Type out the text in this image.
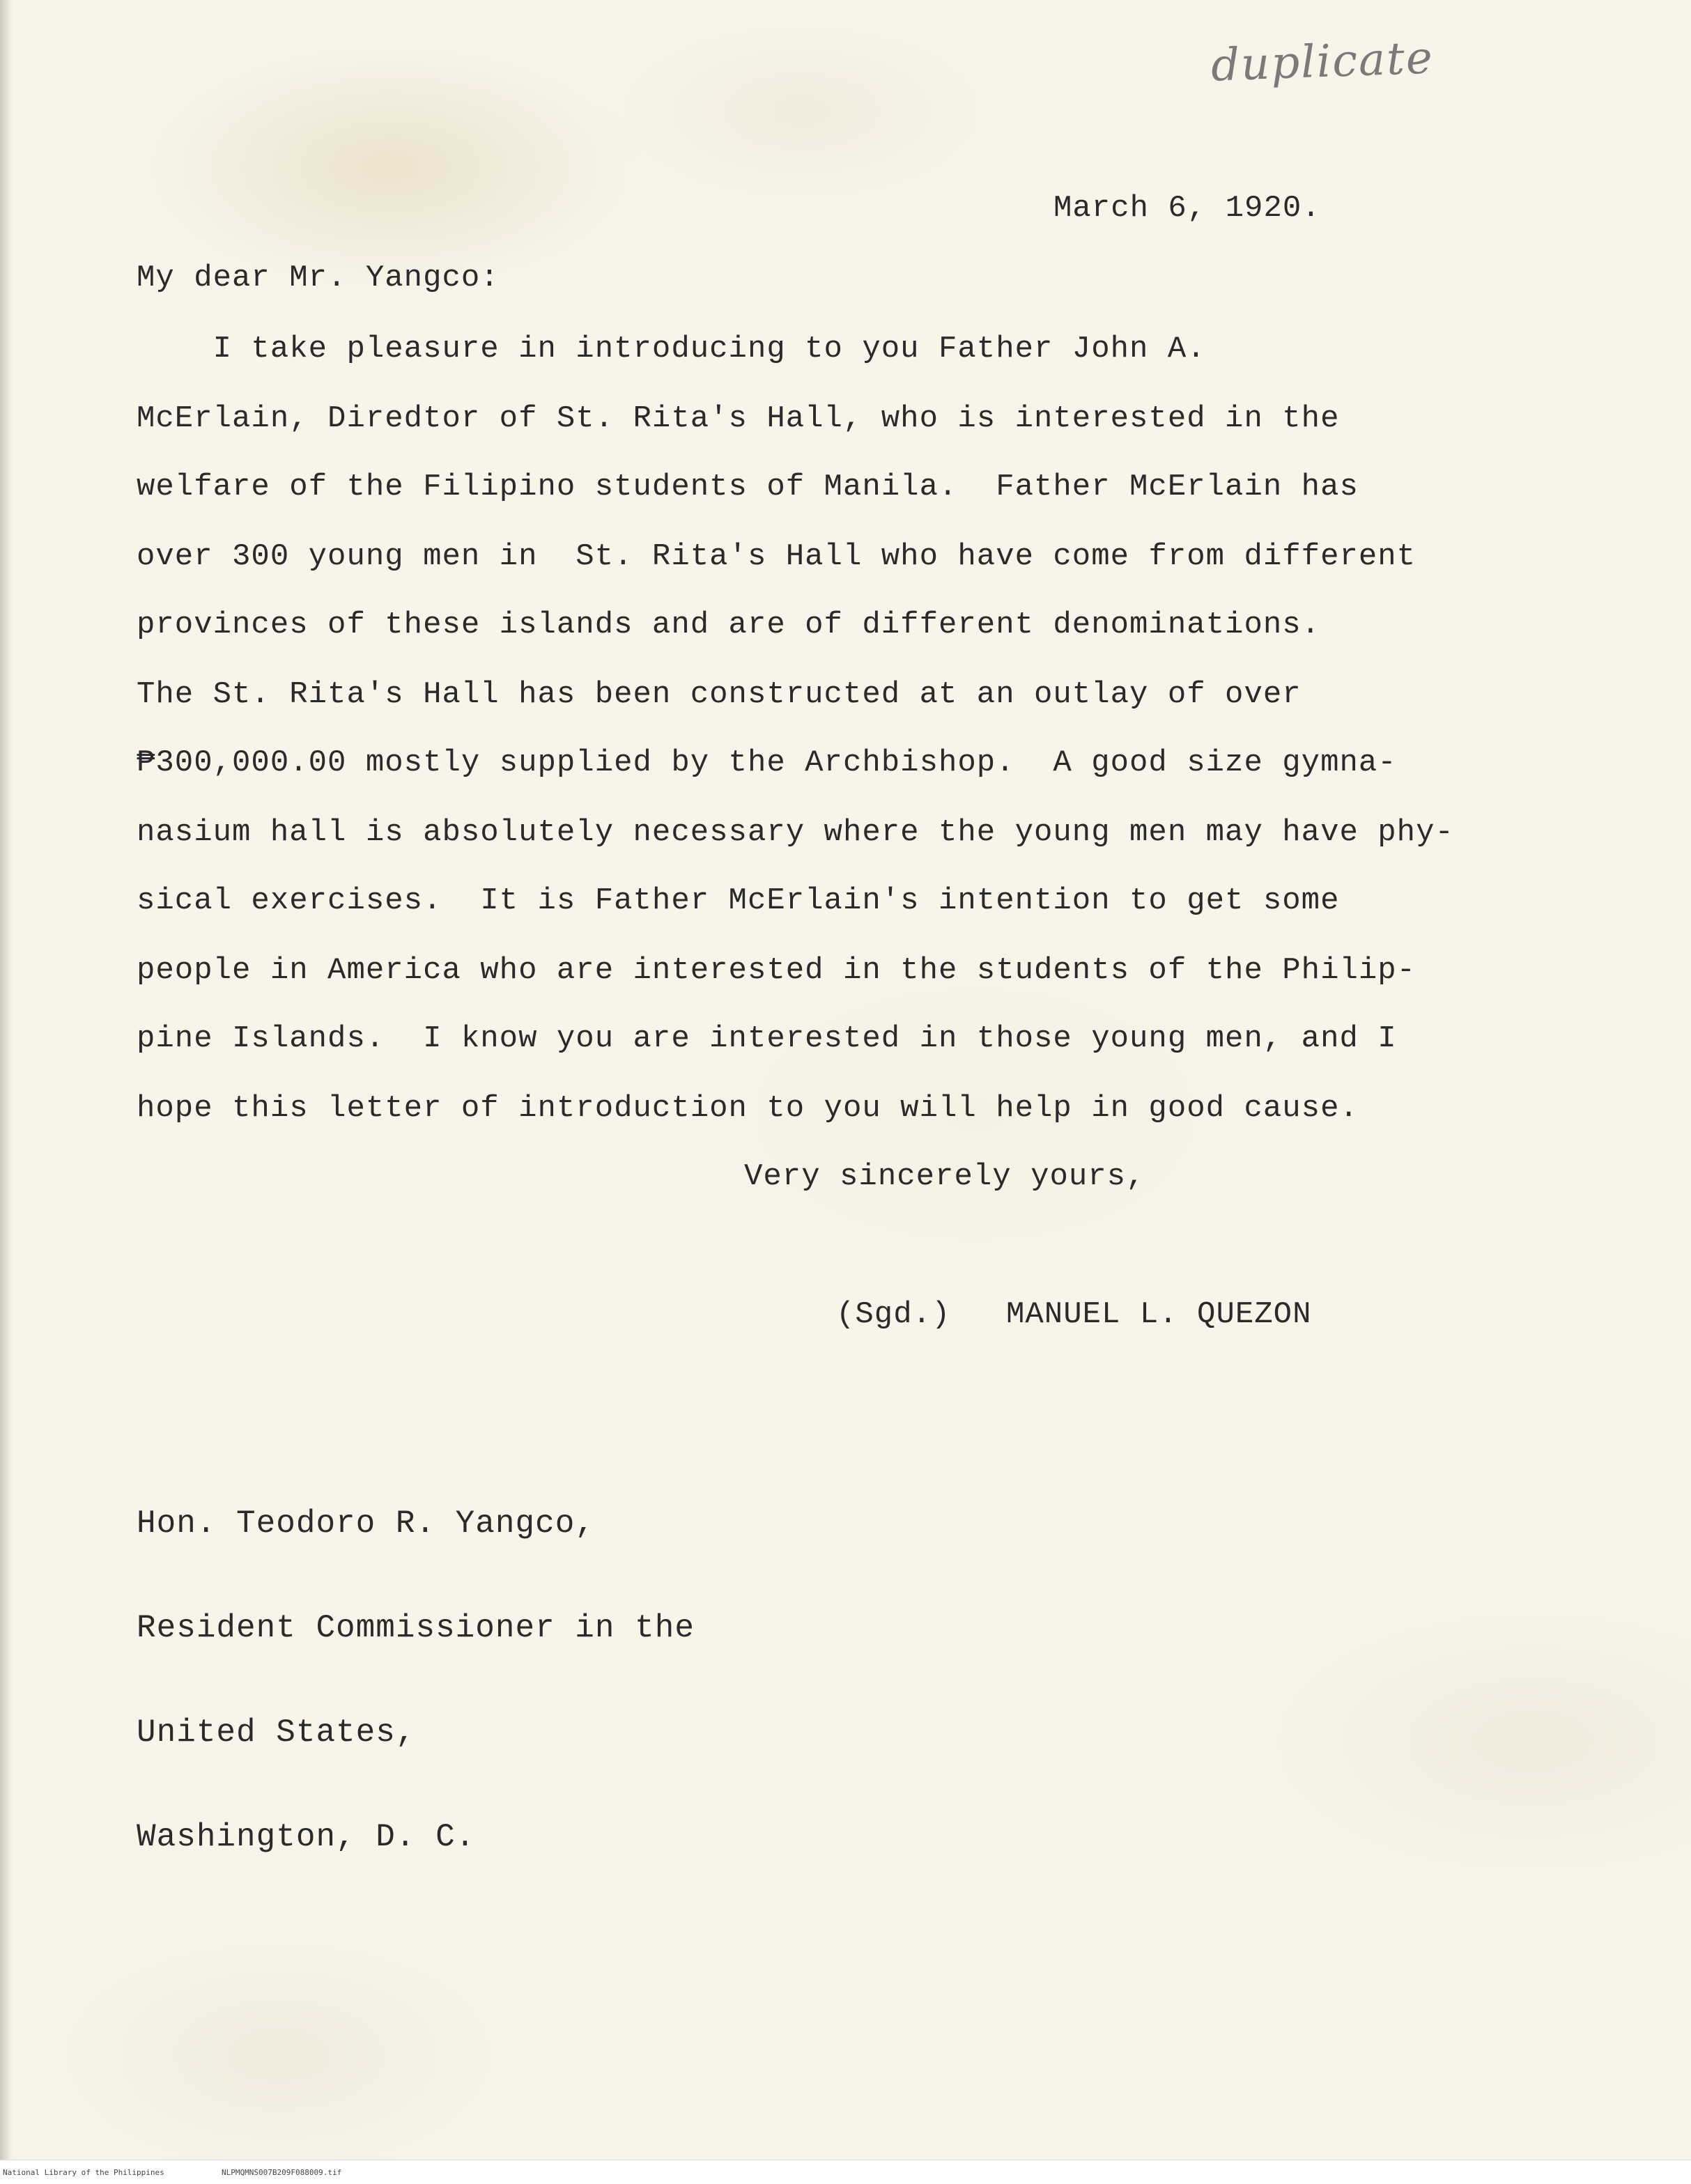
duplicate
March 6, 1920.
My dear Mr. Yangco:
I take pleasure in introducing to you Father John A.
McErlain, Diredtor of St. Rita's Hall, who is interested in the
welfare of the Filipino students of Manila.  Father McErlain has
over 300 young men in  St. Rita's Hall who have come from different
provinces of these islands and are of different denominations.
The St. Rita's Hall has been constructed at an outlay of over
₱300,000.00 mostly supplied by the Archbishop.  A good size gymna-
nasium hall is absolutely necessary where the young men may have phy-
sical exercises.  It is Father McErlain's intention to get some
people in America who are interested in the students of the Philip-
pine Islands.  I know you are interested in those young men, and I
hope this letter of introduction to you will help in good cause.
Very sincerely yours,
(Sgd.) MANUEL L. QUEZON

Hon. Teodoro R. Yangco,

Resident Commissioner in the

United States,

Washington, D. C.

National Library of the Philippines	NLPMQMNS007B209F088009.tif
